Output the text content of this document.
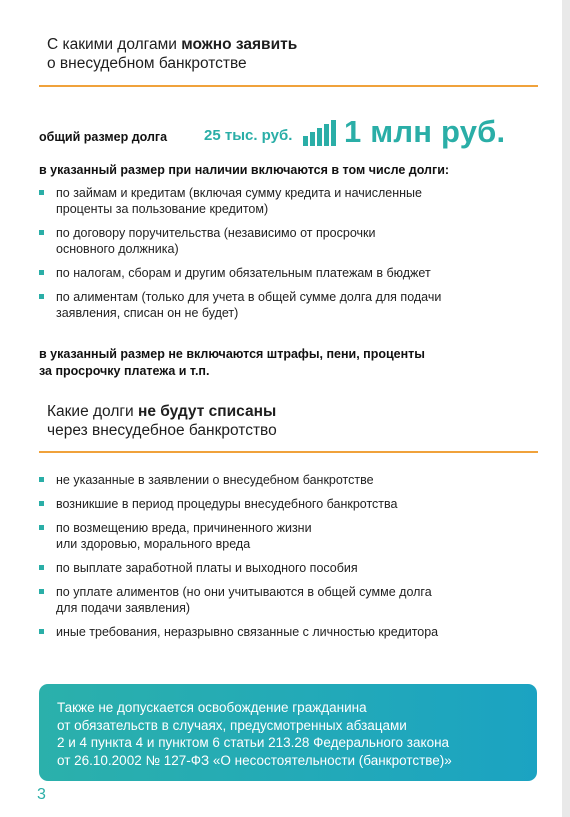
С какими долгами можно заявить
о внесудебном банкротстве
общий размер долга 25 тыс. руб. 1 млн руб.
в указанный размер при наличии включаются в том числе долги:
по займам и кредитам (включая сумму кредита и начисленные
проценты за пользование кредитом)
по договору поручительства (независимо от просрочки
основного должника)
по налогам, сборам и другим обязательным платежам в бюджет
по алиментам (только для учета в общей сумме долга для подачи
заявления, списан он не будет)
в указанный размер не включаются штрафы, пени, проценты
за просрочку платежа и т.п.
Какие долги не будут списаны
через внесудебное банкротство
не указанные в заявлении о внесудебном банкротстве
возникшие в период процедуры внесудебного банкротства
по возмещению вреда, причиненного жизни
или здоровью, морального вреда
по выплате заработной платы и выходного пособия
по уплате алиментов (но они учитываются в общей сумме долга
для подачи заявления)
иные требования, неразрывно связанные с личностью кредитора
Также не допускается освобождение гражданина
от обязательств в случаях, предусмотренных абзацами
2 и 4 пункта 4 и пунктом 6 статьи 213.28 Федерального закона
от 26.10.2002 № 127-ФЗ «О несостоятельности (банкротстве)»
3
